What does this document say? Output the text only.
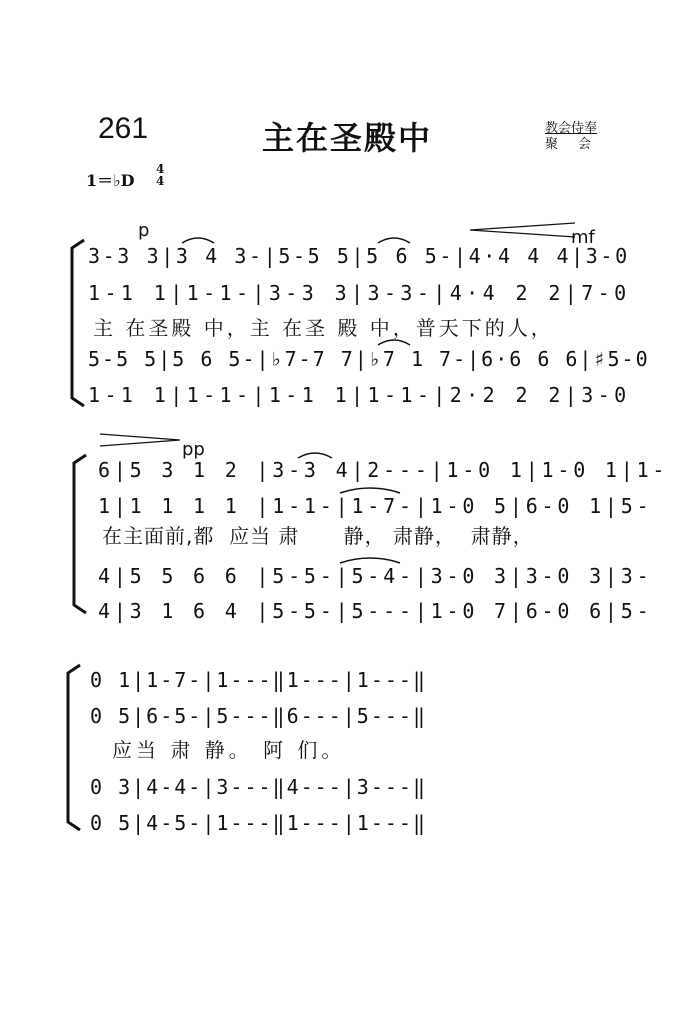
261	主在圣殿中	教会侍奉
聚会
1＝♭D
4
4
p	mf
3-3 3|3 4 3-|5-5 5|5 6 5-|4·4 4 4|3-0
1-1 1|1-1-|3-3 3|3-3-|4·4 2 2|7-0
主 在圣殿 中，主 在圣 殿 中，普天下的人，
5-5 5|5 6 5-|♭7-7 7|♭7 1 7-|6·6 6 6|♯5-0
1-1 1|1-1-|1-1 1|1-1-|2·2 2 2|3-0
pp
6|5 3 1 2 |3-3 4|2---|1-0 1|1-0 1|1-
1|1 1 1 1 |1-1-|1-7-|1-0 5|6-0 1|5-
在主面前,都  应当 肃      静， 肃静，  肃静，
4|5 5 6 6 |5-5-|5-4-|3-0 3|3-0 3|3-
4|3 1 6 4 |5-5-|5---|1-0 7|6-0 6|5-
0 1|1-7-|1---‖1---|1---‖
0 5|6-5-|5---‖6---|5---‖
应当 肃 静。 阿 们。
0 3|4-4-|3---‖4---|3---‖
0 5|4-5-|1---‖1---|1---‖
